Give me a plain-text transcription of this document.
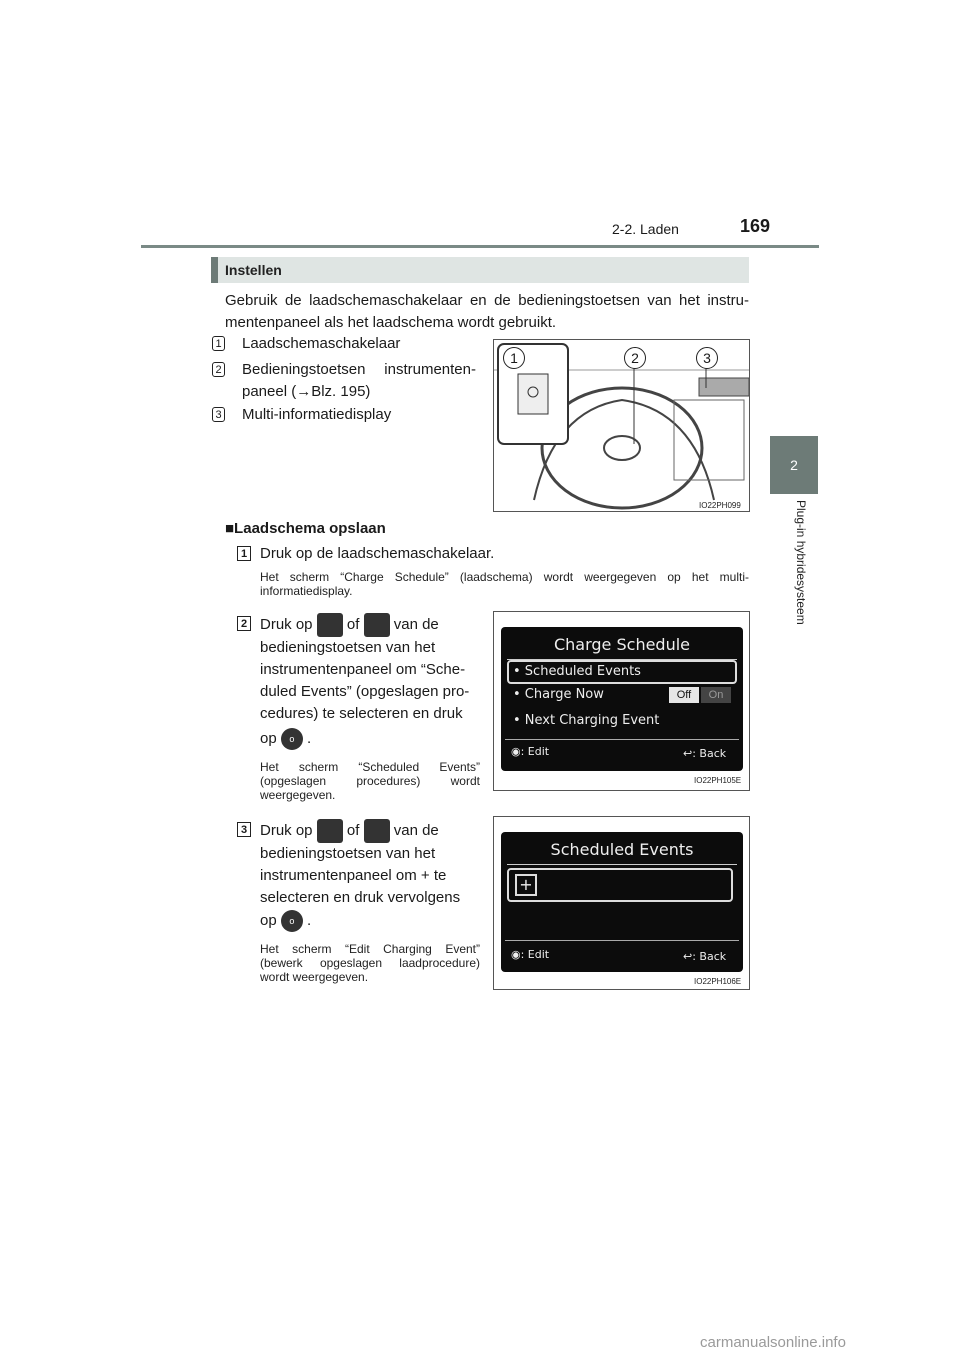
2-2. Laden	169
2
Plug-in hybridesysteem
Instellen
Gebruik de laadschemaschakelaar en de bedieningstoetsen van het instru-mentenpaneel als het laadschema wordt gebruikt.
1 Laadschemaschakelaar
2 Bedieningstoetsen instrumenten-paneel (→Blz. 195)
3 Multi-informatiedisplay
1	2	3
IO22PH099
■Laadschema opslaan
1 Druk op de laadschemaschakelaar.
Het scherm “Charge Schedule” (laadschema) wordt weergegeven op het multi-informatiedisplay.
2 Druk op of van de bedieningstoetsen van het instrumentenpaneel om “Sche-duled Events” (opgeslagen pro-cedures) te selecteren en druk
op o .
Het scherm “Scheduled Events” (opgeslagen procedures) wordt weergegeven.
Charge Schedule
• Scheduled Events
• Charge Now	Off	On
• Next Charging Event
◉: Edit	↩: Back
IO22PH105E
3 Druk op of van de bedieningstoetsen van het instrumentenpaneel om + te selecteren en druk vervolgens
op o .
Het scherm “Edit Charging Event” (bewerk opgeslagen laadprocedure) wordt weergegeven.
Scheduled Events
+
◉: Edit	↩: Back
IO22PH106E
carmanualsonline.info
